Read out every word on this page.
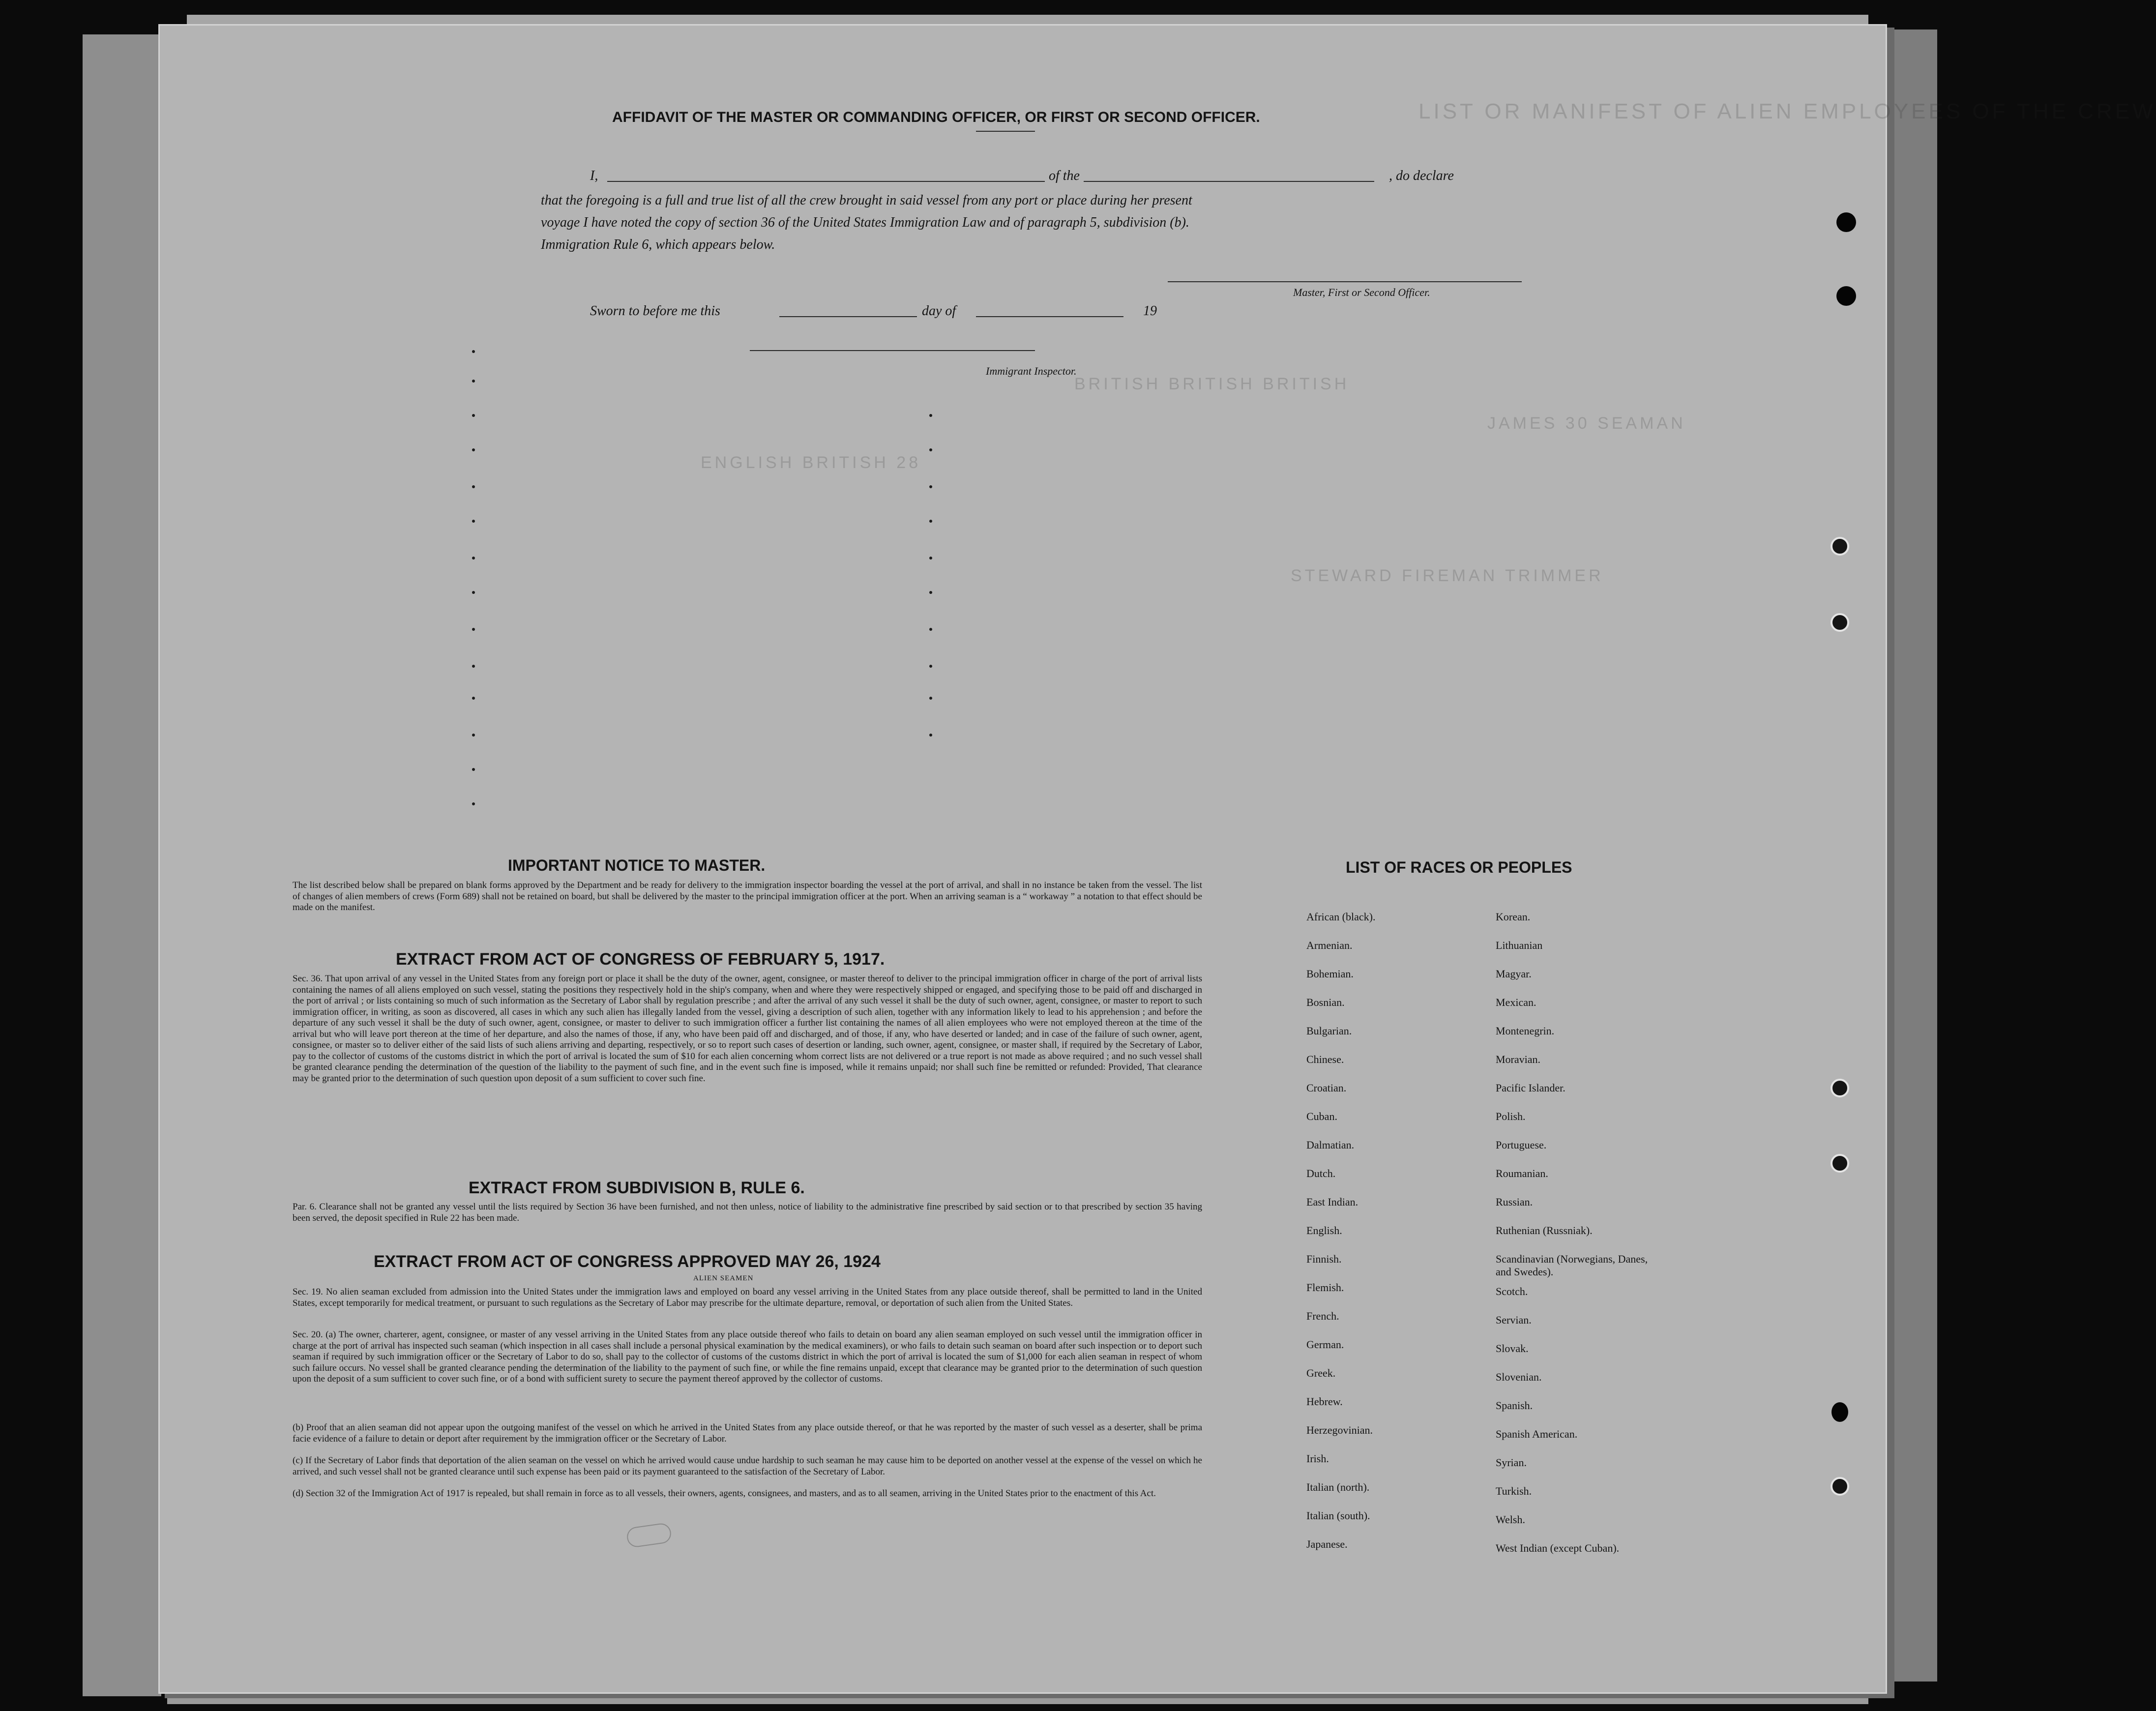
LIST OR MANIFEST OF ALIEN EMPLOYEES OF THE CREW
BRITISH BRITISH BRITISH
JAMES 30 SEAMAN
STEWARD FIREMAN TRIMMER
ENGLISH BRITISH 28
AFFIDAVIT OF THE MASTER OR COMMANDING OFFICER, OR FIRST OR SECOND OFFICER.
I,	of the	, do declare
that the foregoing is a full and true list of all the crew brought in said vessel from any port or place during her present
voyage I have noted the copy of section 36 of the United States Immigration Law and of paragraph 5, subdivision (b).
Immigration Rule 6, which appears below.
Master, First or Second Officer.
Sworn to before me this	day of	19
Immigrant Inspector.
IMPORTANT NOTICE TO MASTER.
The list described below shall be prepared on blank forms approved by the Department and be ready for delivery to the immigration inspector boarding the vessel at the port of arrival, and shall in no instance be taken from the vessel. The list of changes of alien members of crews (Form 689) shall not be retained on board, but shall be delivered by the master to the principal immigration officer at the port. When an arriving seaman is a “ workaway ” a notation to that effect should be made on the manifest.
EXTRACT FROM ACT OF CONGRESS OF FEBRUARY 5, 1917.
Sec. 36. That upon arrival of any vessel in the United States from any foreign port or place it shall be the duty of the owner, agent, consignee, or master thereof to deliver to the principal immigration officer in charge of the port of arrival lists containing the names of all aliens employed on such vessel, stating the positions they respectively hold in the ship's company, when and where they were respectively shipped or engaged, and specifying those to be paid off and discharged in the port of arrival ; or lists containing so much of such information as the Secretary of Labor shall by regulation prescribe ; and after the arrival of any such vessel it shall be the duty of such owner, agent, consignee, or master to report to such immigration officer, in writing, as soon as discovered, all cases in which any such alien has illegally landed from the vessel, giving a description of such alien, together with any information likely to lead to his apprehension ; and before the departure of any such vessel it shall be the duty of such owner, agent, consignee, or master to deliver to such immigration officer a further list containing the names of all alien employees who were not employed thereon at the time of the arrival but who will leave port thereon at the time of her departure, and also the names of those, if any, who have been paid off and discharged, and of those, if any, who have deserted or landed; and in case of the failure of such owner, agent, consignee, or master so to deliver either of the said lists of such aliens arriving and departing, respectively, or so to report such cases of desertion or landing, such owner, agent, consignee, or master shall, if required by the Secretary of Labor, pay to the collector of customs of the customs district in which the port of arrival is located the sum of $10 for each alien concerning whom correct lists are not delivered or a true report is not made as above required ; and no such vessel shall be granted clearance pending the determination of the question of the liability to the payment of such fine, and in the event such fine is imposed, while it remains unpaid; nor shall such fine be remitted or refunded: Provided, That clearance may be granted prior to the determination of such question upon deposit of a sum sufficient to cover such fine.
EXTRACT FROM SUBDIVISION B, RULE 6.
Par. 6. Clearance shall not be granted any vessel until the lists required by Section 36 have been furnished, and not then unless, notice of liability to the administrative fine prescribed by said section or to that prescribed by section 35 having been served, the deposit specified in Rule 22 has been made.
EXTRACT FROM ACT OF CONGRESS APPROVED MAY 26, 1924
ALIEN SEAMEN
Sec. 19. No alien seaman excluded from admission into the United States under the immigration laws and employed on board any vessel arriving in the United States from any place outside thereof, shall be permitted to land in the United States, except temporarily for medical treatment, or pursuant to such regulations as the Secretary of Labor may prescribe for the ultimate departure, removal, or deportation of such alien from the United States.
Sec. 20. (a) The owner, charterer, agent, consignee, or master of any vessel arriving in the United States from any place outside thereof who fails to detain on board any alien seaman employed on such vessel until the immigration officer in charge at the port of arrival has inspected such seaman (which inspection in all cases shall include a personal physical examination by the medical examiners), or who fails to detain such seaman on board after such inspection or to deport such seaman if required by such immigration officer or the Secretary of Labor to do so, shall pay to the collector of customs of the customs district in which the port of arrival is located the sum of $1,000 for each alien seaman in respect of whom such failure occurs. No vessel shall be granted clearance pending the determination of the liability to the payment of such fine, or while the fine remains unpaid, except that clearance may be granted prior to the determination of such question upon the deposit of a sum sufficient to cover such fine, or of a bond with sufficient surety to secure the payment thereof approved by the collector of customs.
(b) Proof that an alien seaman did not appear upon the outgoing manifest of the vessel on which he arrived in the United States from any place outside thereof, or that he was reported by the master of such vessel as a deserter, shall be prima facie evidence of a failure to detain or deport after requirement by the immigration officer or the Secretary of Labor.
(c) If the Secretary of Labor finds that deportation of the alien seaman on the vessel on which he arrived would cause undue hardship to such seaman he may cause him to be deported on another vessel at the expense of the vessel on which he arrived, and such vessel shall not be granted clearance until such expense has been paid or its payment guaranteed to the satisfaction of the Secretary of Labor.
(d) Section 32 of the Immigration Act of 1917 is repealed, but shall remain in force as to all vessels, their owners, agents, consignees, and masters, and as to all seamen, arriving in the United States prior to the enactment of this Act.

LIST OF RACES OR PEOPLES
African (black).
Armenian.
Bohemian.
Bosnian.
Bulgarian.
Chinese.
Croatian.
Cuban.
Dalmatian.
Dutch.
East Indian.
English.
Finnish.
Flemish.
French.
German.
Greek.
Hebrew.
Herzegovinian.
Irish.
Italian (north).
Italian (south).
Japanese.
Korean.
Lithuanian
Magyar.
Mexican.
Montenegrin.
Moravian.
Pacific Islander.
Polish.
Portuguese.
Roumanian.
Russian.
Ruthenian (Russniak).
Scandinavian (Norwegians, Danes, and Swedes).
Scotch.
Servian.
Slovak.
Slovenian.
Spanish.
Spanish American.
Syrian.
Turkish.
Welsh.
West Indian (except Cuban).
